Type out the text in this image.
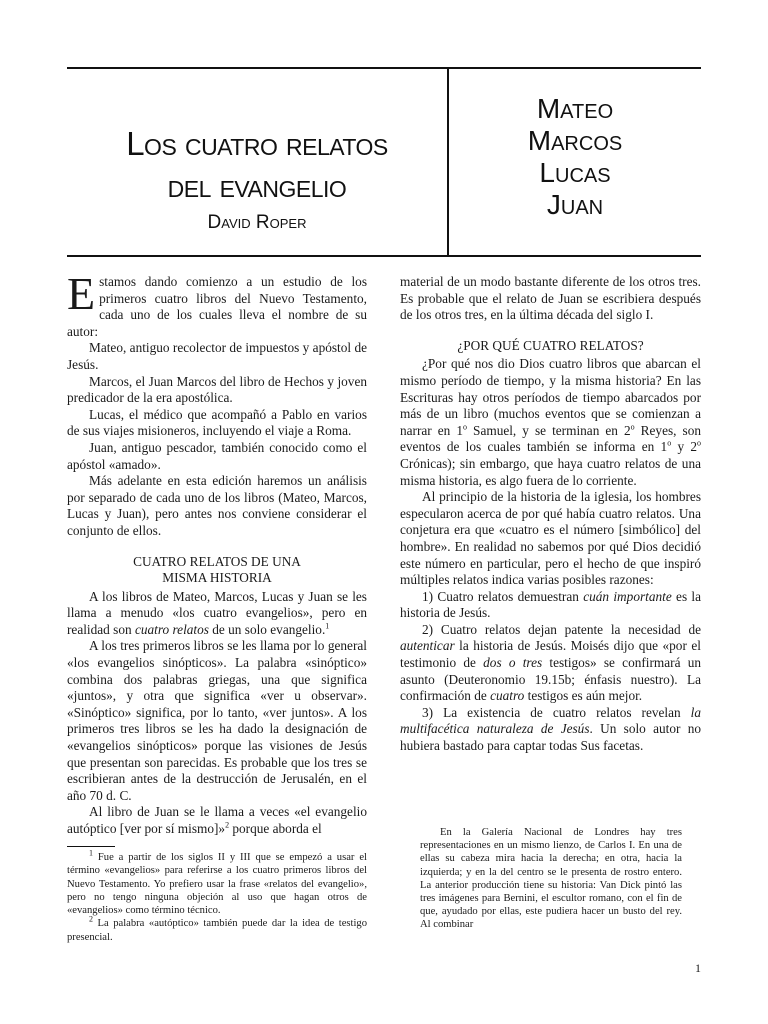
Los cuatro relatos
del evangelio
David Roper
Mateo
Marcos
Lucas
Juan

Estamos dando comienzo a un estudio de los primeros cuatro libros del Nuevo Testamento, cada uno de los cuales lleva el nombre de su autor:

Mateo, antiguo recolector de impuestos y apóstol de Jesús.

Marcos, el Juan Marcos del libro de Hechos y joven predicador de la era apostólica.

Lucas, el médico que acompañó a Pablo en varios de sus viajes misioneros, incluyendo el viaje a Roma.

Juan, antiguo pescador, también conocido como el apóstol «amado».

Más adelante en esta edición haremos un análisis por separado de cada uno de los libros (Mateo, Marcos, Lucas y Juan), pero antes nos conviene considerar el conjunto de ellos.

CUATRO RELATOS DE UNA
MISMA HISTORIA

A los libros de Mateo, Marcos, Lucas y Juan se les llama a menudo «los cuatro evangelios», pero en realidad son cuatro relatos de un solo evangelio.$^1$

A los tres primeros libros se les llama por lo general «los evangelios sinópticos». La palabra «sinóptico» combina dos palabras griegas, una que significa «juntos», y otra que significa «ver u observar». «Sinóptico» significa, por lo tanto, «ver juntos». A los primeros tres libros se les ha dado la designación de «evangelios sinópticos» porque las visiones de Jesús que presentan son parecidas. Es probable que los tres se escribieran antes de la destrucción de Jerusalén, en el año 70 d. C.

Al libro de Juan se le llama a veces «el evangelio autóptico [ver por sí mismo]»$^2$ porque aborda el

$^1$ Fue a partir de los siglos II y III que se empezó a usar el término «evangelios» para referirse a los cuatro primeros libros del Nuevo Testamento. Yo prefiero usar la frase «relatos del evangelio», pero no tengo ninguna objeción al uso que hagan otros de «evangelios» como término técnico.

$^2$ La palabra «autóptico» también puede dar la idea de testigo presencial.

material de un modo bastante diferente de los otros tres. Es probable que el relato de Juan se escribiera después de los otros tres, en la última década del siglo I.

¿POR QUÉ CUATRO RELATOS?

¿Por qué nos dio Dios cuatro libros que abarcan el mismo período de tiempo, y la misma historia? En las Escrituras hay otros períodos de tiempo abarcados por más de un libro (muchos eventos que se comienzan a narrar en 1$^o$ Samuel, y se terminan en 2$^o$ Reyes, son eventos de los cuales también se informa en 1$^o$ y 2$^o$ Crónicas); sin embargo, que haya cuatro relatos de una misma historia, es algo fuera de lo corriente.

Al principio de la historia de la iglesia, los hombres especularon acerca de por qué había cuatro relatos. Una conjetura era que «cuatro es el número [simbólico] del hombre». En realidad no sabemos por qué Dios decidió este número en particular, pero el hecho de que inspiró múltiples relatos indica varias posibles razones:

1) Cuatro relatos demuestran cuán importante es la historia de Jesús.

2) Cuatro relatos dejan patente la necesidad de autenticar la historia de Jesús. Moisés dijo que «por el testimonio de dos o tres testigos» se confirmará un asunto (Deuteronomio 19.15b; énfasis nuestro). La confirmación de cuatro testigos es aún mejor.

3) La existencia de cuatro relatos revelan la multifacética naturaleza de Jesús. Un solo autor no hubiera bastado para captar todas Sus facetas.

En la Galería Nacional de Londres hay tres representaciones en un mismo lienzo, de Carlos I. En una de ellas su cabeza mira hacia la derecha; en otra, hacia la izquierda; y en la del centro se le presenta de rostro entero. La anterior producción tiene su historia: Van Dick pintó las tres imágenes para Bernini, el escultor romano, con el fin de que, ayudado por ellas, este pudiera hacer un busto del rey. Al combinar

1
